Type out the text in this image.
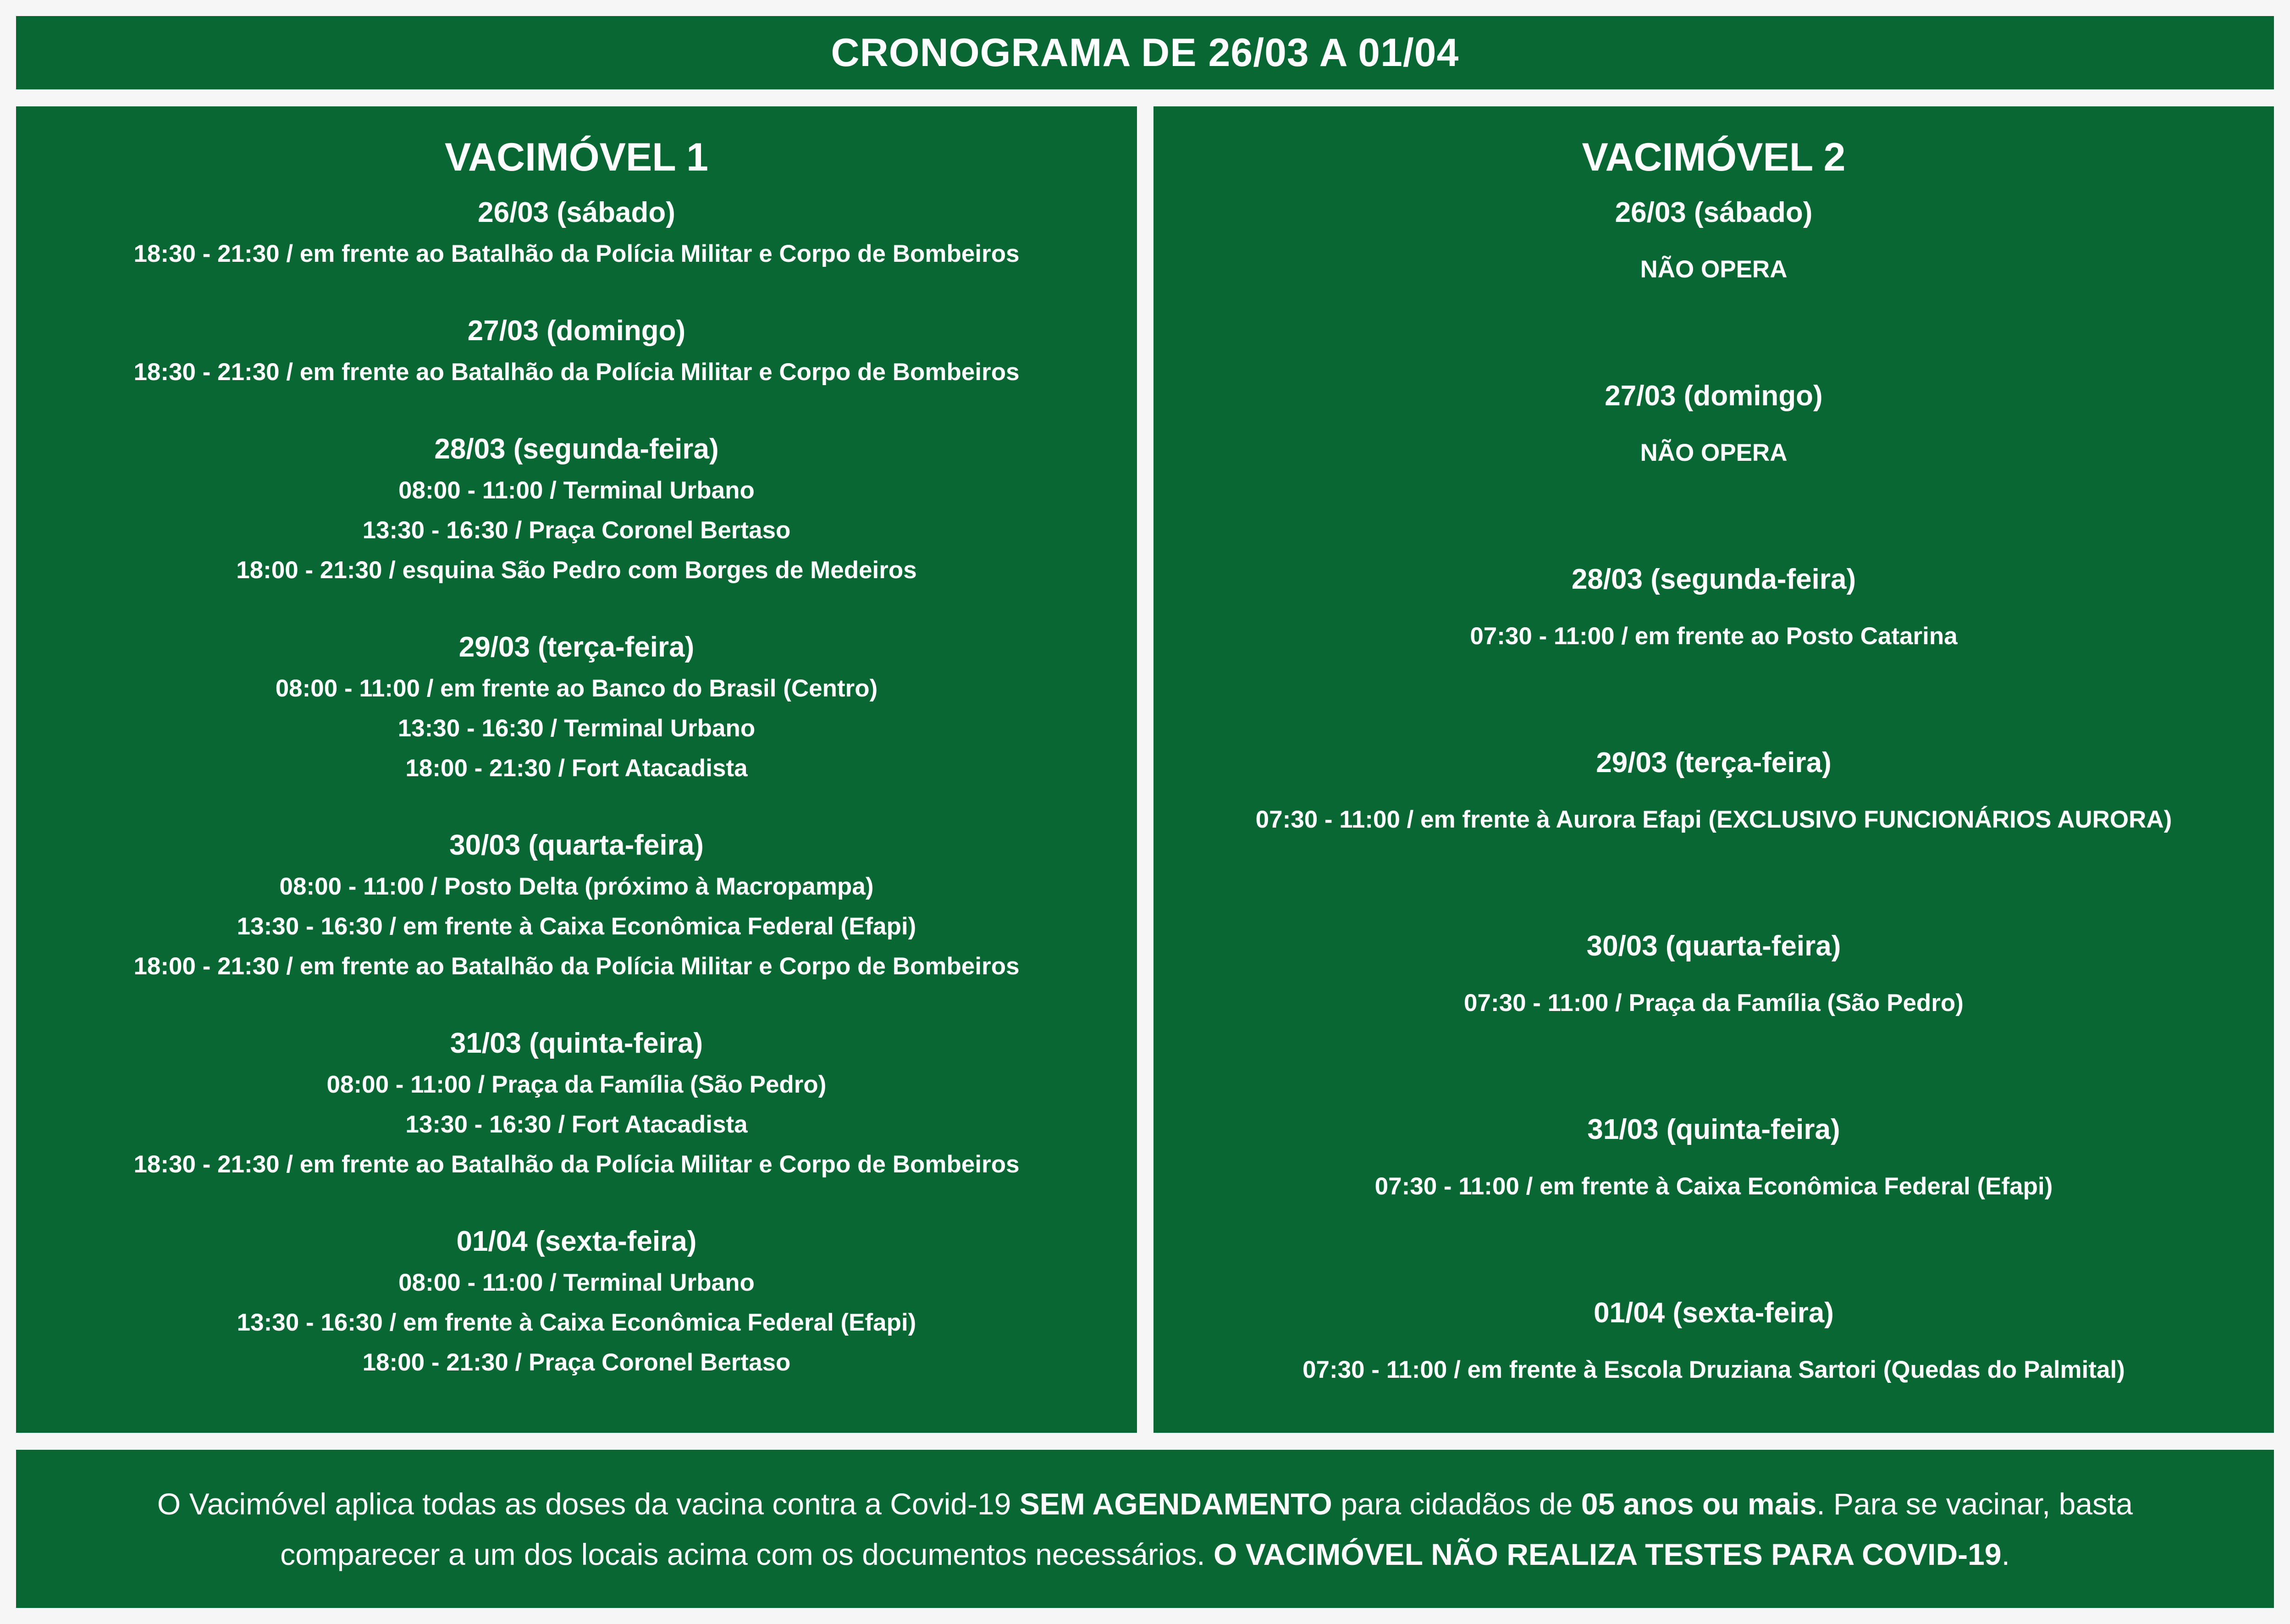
CRONOGRAMA DE 26/03 A 01/04
VACIMÓVEL 1
26/03 (sábado)
18:30 - 21:30 / em frente ao Batalhão da Polícia Militar e Corpo de Bombeiros
27/03 (domingo)
18:30 - 21:30 / em frente ao Batalhão da Polícia Militar e Corpo de Bombeiros
28/03 (segunda-feira)
08:00 - 11:00 / Terminal Urbano
13:30 - 16:30 / Praça Coronel Bertaso
18:00 - 21:30 / esquina São Pedro com Borges de Medeiros
29/03 (terça-feira)
08:00 - 11:00 / em frente ao Banco do Brasil (Centro)
13:30 - 16:30 / Terminal Urbano
18:00 - 21:30 / Fort Atacadista
30/03 (quarta-feira)
08:00 - 11:00 / Posto Delta (próximo à Macropampa)
13:30 - 16:30 / em frente à Caixa Econômica Federal (Efapi)
18:00 - 21:30 / em frente ao Batalhão da Polícia Militar e Corpo de Bombeiros
31/03 (quinta-feira)
08:00 - 11:00 / Praça da Família (São Pedro)
13:30 - 16:30 / Fort Atacadista
18:30 - 21:30 / em frente ao Batalhão da Polícia Militar e Corpo de Bombeiros
01/04 (sexta-feira)
08:00 - 11:00 / Terminal Urbano
13:30 - 16:30 / em frente à Caixa Econômica Federal (Efapi)
18:00 - 21:30 / Praça Coronel Bertaso
VACIMÓVEL 2
26/03 (sábado)
NÃO OPERA
27/03 (domingo)
NÃO OPERA
28/03 (segunda-feira)
07:30 - 11:00 / em frente ao Posto Catarina
29/03 (terça-feira)
07:30 - 11:00 / em frente à Aurora Efapi (EXCLUSIVO FUNCIONÁRIOS AURORA)
30/03 (quarta-feira)
07:30 - 11:00 / Praça da Família (São Pedro)
31/03 (quinta-feira)
07:30 - 11:00 / em frente à Caixa Econômica Federal (Efapi)
01/04 (sexta-feira)
07:30 - 11:00 / em frente à Escola Druziana Sartori (Quedas do Palmital)
O Vacimóvel aplica todas as doses da vacina contra a Covid-19 SEM AGENDAMENTO para cidadãos de 05 anos ou mais. Para se vacinar, basta comparecer a um dos locais acima com os documentos necessários. O VACIMÓVEL NÃO REALIZA TESTES PARA COVID-19.
